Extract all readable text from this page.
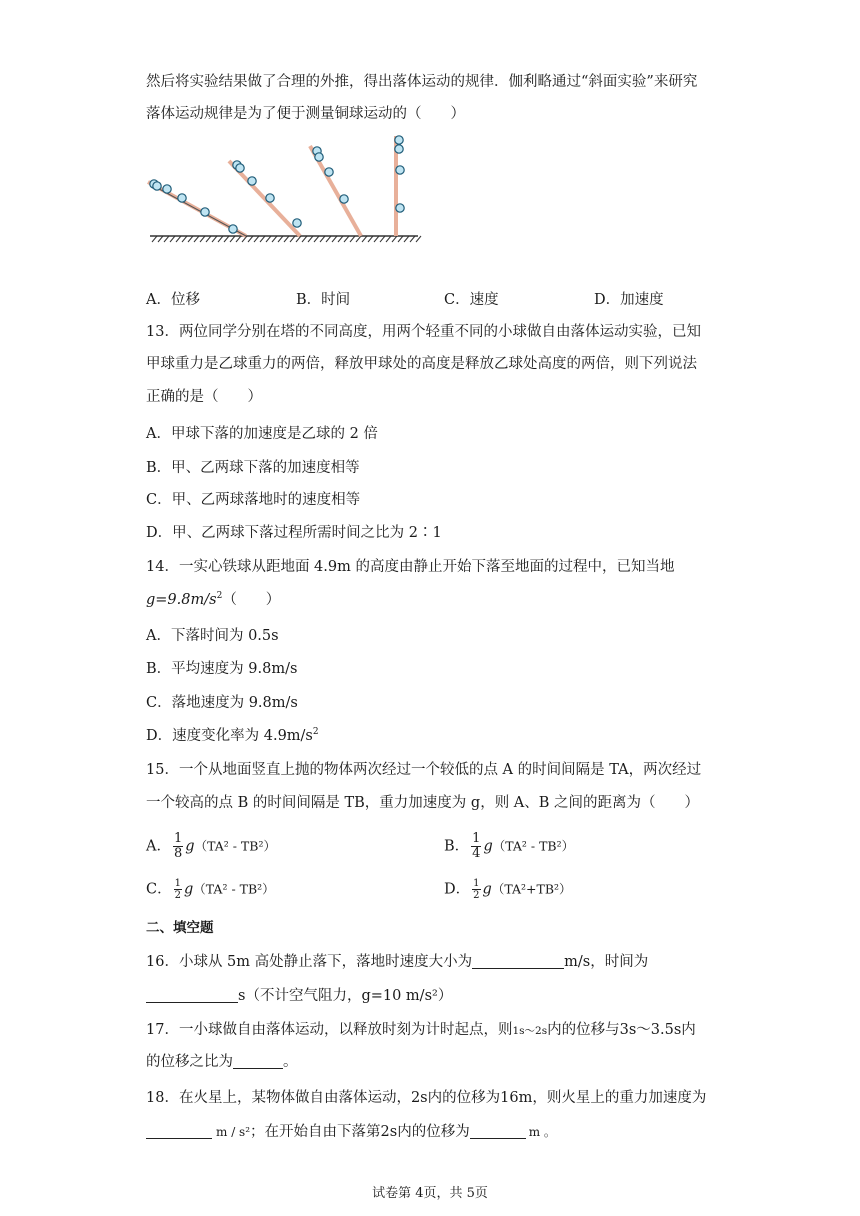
然后将实验结果做了合理的外推，得出落体运动的规律．伽利略通过“斜面实验”来研究
落体运动规律是为了便于测量铜球运动的（　　）
A．位移	B．时间	C．速度	D．加速度
13．两位同学分别在塔的不同高度，用两个轻重不同的小球做自由落体运动实验，已知
甲球重力是乙球重力的两倍，释放甲球处的高度是释放乙球处高度的两倍，则下列说法
正确的是（　　）
A．甲球下落的加速度是乙球的 2 倍
B．甲、乙两球下落的加速度相等
C．甲、乙两球落地时的速度相等
D．甲、乙两球下落过程所需时间之比为 2∶1
14．一实心铁球从距地面 4.9m 的高度由静止开始下落至地面的过程中，已知当地
$g=9.8m/s^2$（　　）
A．下落时间为 0.5s
B．平均速度为 9.8m/s
C．落地速度为 9.8m/s
D．速度变化率为 $4.9m/s^2$
15．一个从地面竖直上抛的物体两次经过一个较低的点 A 的时间间隔是 TA，两次经过
一个较高的点 B 的时间间隔是 TB，重力加速度为 g，则 A、B 之间的距离为（　　）
A． $\frac{1}{8} g(TA^2 - TB^2)$	B． $\frac{1}{4} g(TA^2 - TB^2)$
C． $\frac{1}{2} g(TA^2 - TB^2)$	D． $\frac{1}{2} g(TA^2+TB^2)$
二、填空题
16．小球从 5m 高处静止落下，落地时速度大小为	m/s，时间为
s（不计空气阻力，g=10 m/s²）
17．一小球做自由落体运动，以释放时刻为计时起点，则1s～2s内的位移与3s～3.5s内
的位移之比为	。
18．在火星上，某物体做自由落体运动，2s内的位移为16m，则火星上的重力加速度为
m / s²；在开始自由下落第2s内的位移为	m 。
试卷第 4页，共 5页
